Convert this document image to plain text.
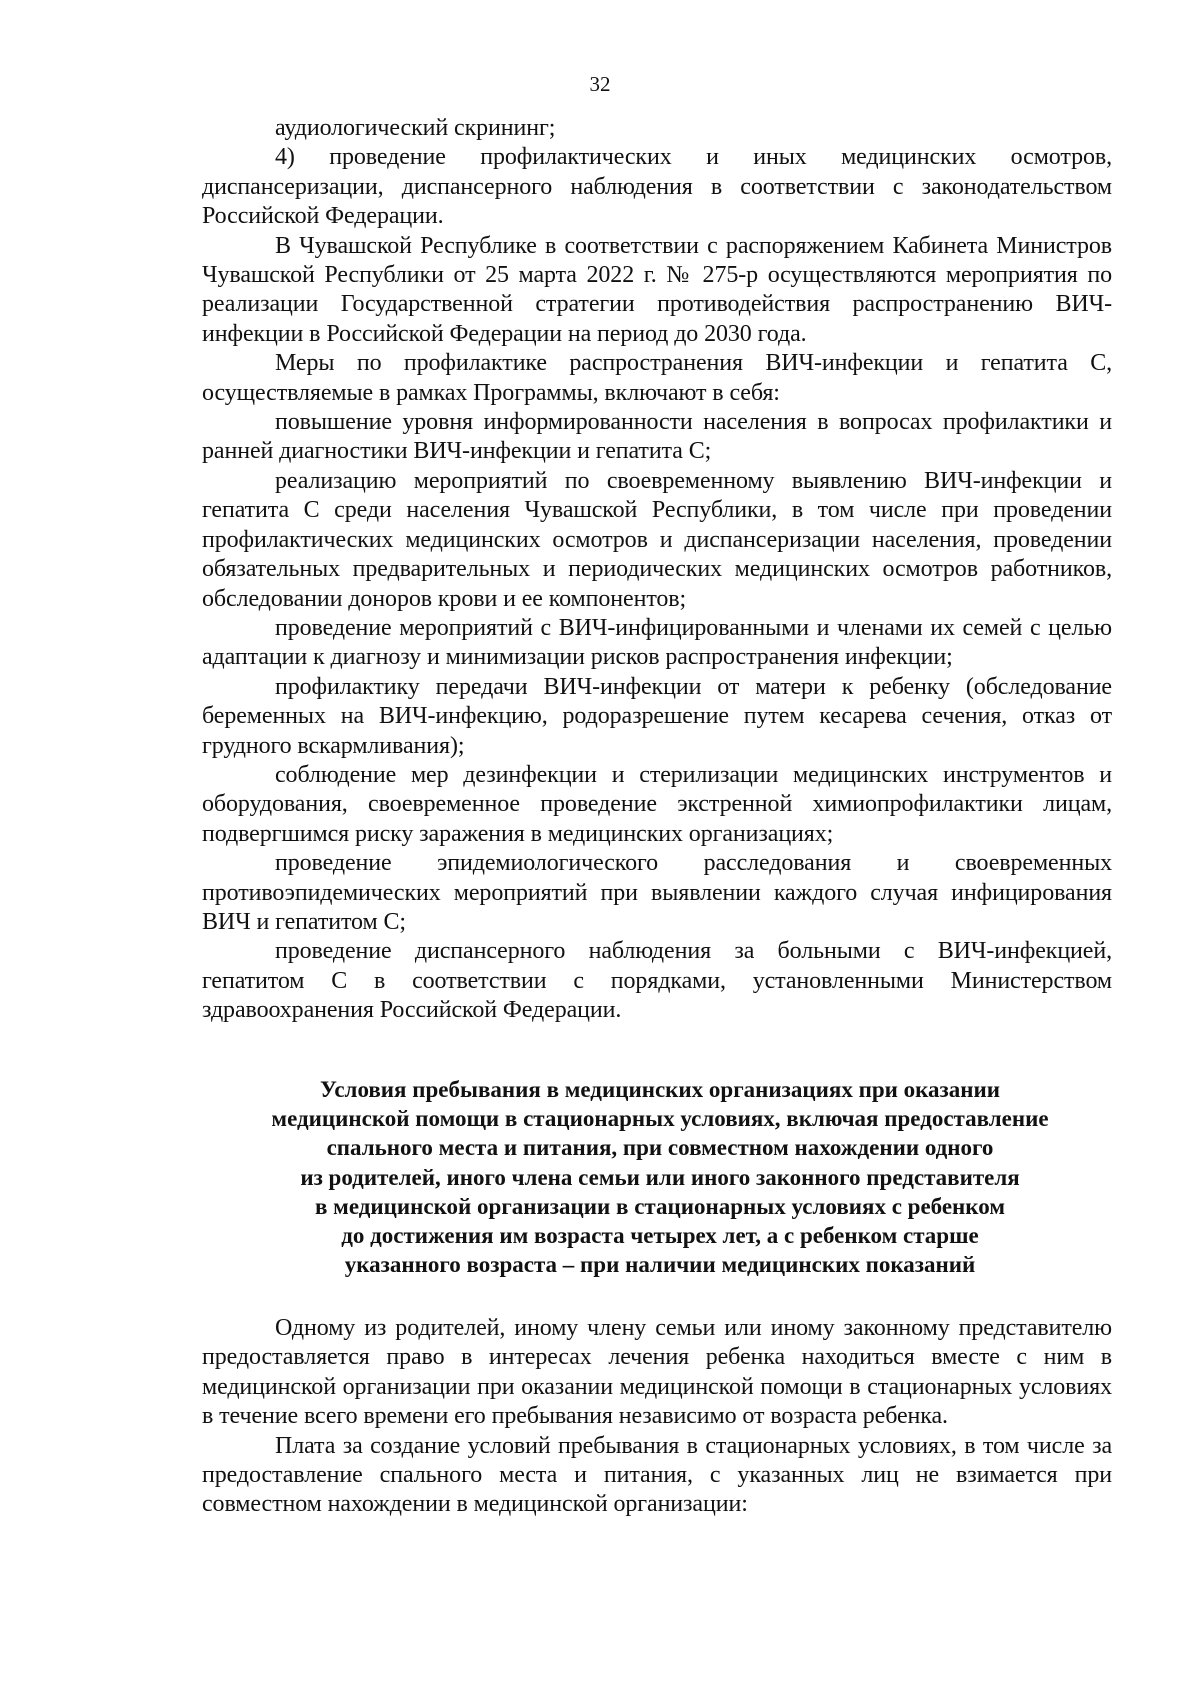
32

аудиологический скрининг;

4) проведение профилактических и иных медицинских осмотров, диспансеризации, диспансерного наблюдения в соответствии с законодательством Российской Федерации.

В Чувашской Республике в соответствии с распоряжением Кабинета Министров Чувашской Республики от 25 марта 2022 г. № 275-р осуществляются мероприятия по реализации Государственной стратегии противодействия распространению ВИЧ-инфекции в Российской Федерации на период до 2030 года.

Меры по профилактике распространения ВИЧ-инфекции и гепатита С, осуществляемые в рамках Программы, включают в себя:

повышение уровня информированности населения в вопросах профилактики и ранней диагностики ВИЧ-инфекции и гепатита С;

реализацию мероприятий по своевременному выявлению ВИЧ-инфекции и гепатита С среди населения Чувашской Республики, в том числе при проведении профилактических медицинских осмотров и диспансеризации населения, проведении обязательных предварительных и периодических медицинских осмотров работников, обследовании доноров крови и ее компонентов;

проведение мероприятий с ВИЧ-инфицированными и членами их семей с целью адаптации к диагнозу и минимизации рисков распространения инфекции;

профилактику передачи ВИЧ-инфекции от матери к ребенку (обследование беременных на ВИЧ-инфекцию, родоразрешение путем кесарева сечения, отказ от грудного вскармливания);

соблюдение мер дезинфекции и стерилизации медицинских инструментов и оборудования, своевременное проведение экстренной химиопрофилактики лицам, подвергшимся риску заражения в медицинских организациях;

проведение эпидемиологического расследования и своевременных противоэпидемических мероприятий при выявлении каждого случая инфицирования ВИЧ и гепатитом С;

проведение диспансерного наблюдения за больными с ВИЧ-инфекцией, гепатитом С в соответствии с порядками, установленными Министерством здравоохранения Российской Федерации.

Условия пребывания в медицинских организациях при оказании
медицинской помощи в стационарных условиях, включая предоставление
спального места и питания, при совместном нахождении одного
из родителей, иного члена семьи или иного законного представителя
в медицинской организации в стационарных условиях с ребенком
до достижения им возраста четырех лет, а с ребенком старше
указанного возраста – при наличии медицинских показаний

Одному из родителей, иному члену семьи или иному законному представителю предоставляется право в интересах лечения ребенка находиться вместе с ним в медицинской организации при оказании медицинской помощи в стационарных условиях в течение всего времени его пребывания независимо от возраста ребенка.

Плата за создание условий пребывания в стационарных условиях, в том числе за предоставление спального места и питания, с указанных лиц не взимается при совместном нахождении в медицинской организации:
